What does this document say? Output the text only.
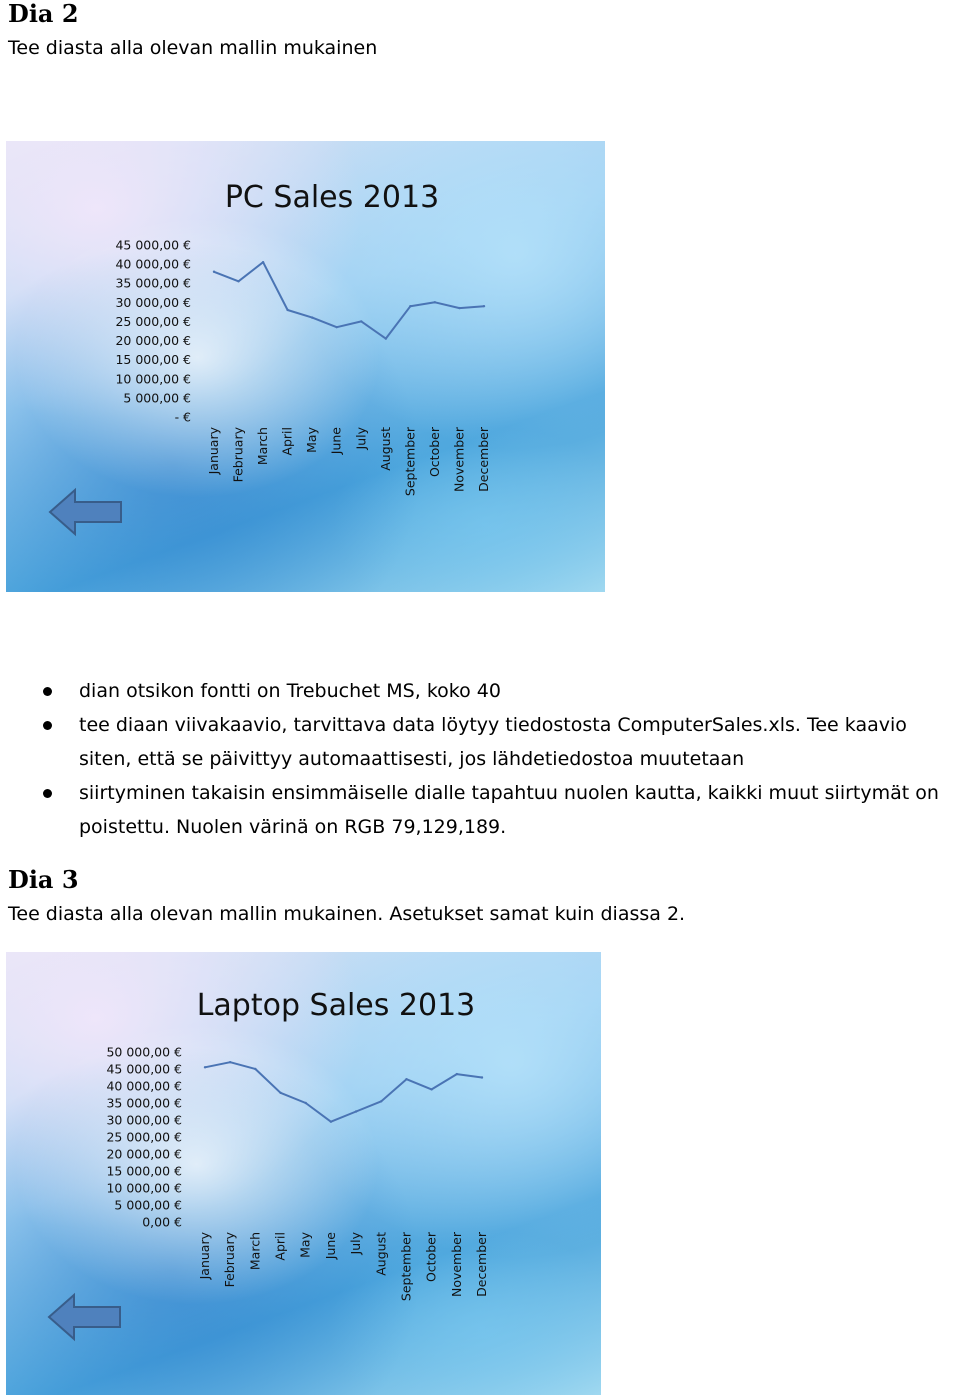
Dia 2

Tee diasta alla olevan mallin mukainen

PC Sales 2013
45 000,00 €
40 000,00 €
35 000,00 €
30 000,00 €
25 000,00 €
20 000,00 €
15 000,00 €
10 000,00 €
5 000,00 €
- €
January February March April May June July August September October November December
dian otsikon fontti on Trebuchet MS, koko 40
tee diaan viivakaavio, tarvittava data löytyy tiedostosta ComputerSales.xls. Tee kaavio
siten, että se päivittyy automaattisesti, jos lähdetiedostoa muutetaan
siirtyminen takaisin ensimmäiselle dialle tapahtuu nuolen kautta, kaikki muut siirtymät on
poistettu. Nuolen värinä on RGB 79,129,189.
Dia 3

Tee diasta alla olevan mallin mukainen. Asetukset samat kuin diassa 2.

Laptop Sales 2013
50 000,00 €
45 000,00 €
40 000,00 €
35 000,00 €
30 000,00 €
25 000,00 €
20 000,00 €
15 000,00 €
10 000,00 €
5 000,00 €
0,00 €
January February March April May June July August September October November December
